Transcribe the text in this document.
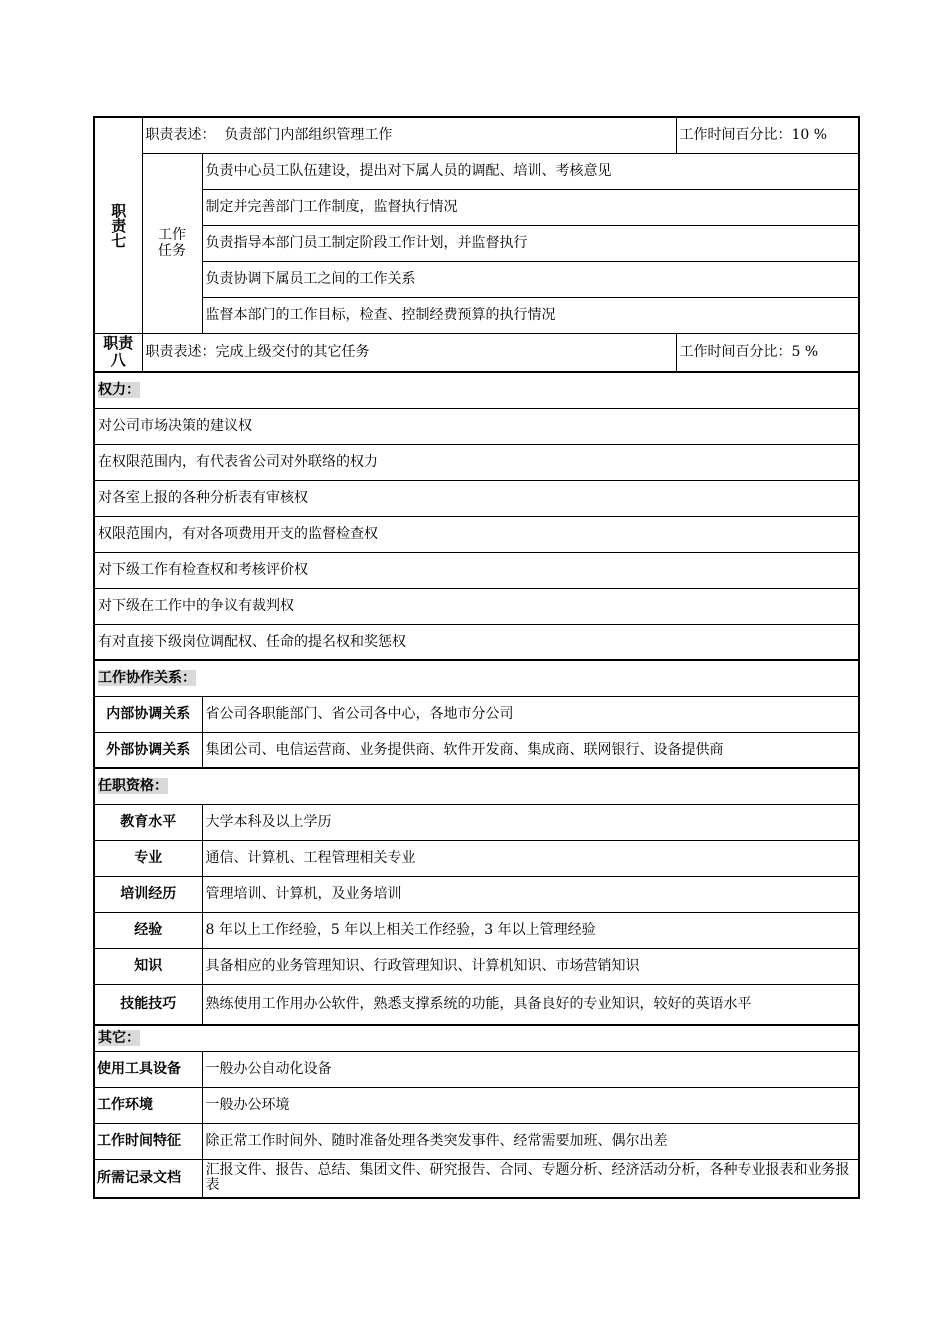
职责七	职责表述： 负责部门内部组织管理工作		工作时间百分比：10 %
	工作任务	负责中心员工队伍建设，提出对下属人员的调配、培训、考核意见	
		制定并完善部门工作制度，监督执行情况	
		负责指导本部门员工制定阶段工作计划，并监督执行	
		负责协调下属员工之间的工作关系	
		监督本部门的工作目标，检查、控制经费预算的执行情况	
职责八	职责表述：完成上级交付的其它任务		工作时间百分比：5 %
权力：			
对公司市场决策的建议权			
在权限范围内，有代表省公司对外联络的权力			
对各室上报的各种分析表有审核权			
权限范围内，有对各项费用开支的监督检查权			
对下级工作有检查权和考核评价权			
对下级在工作中的争议有裁判权			
有对直接下级岗位调配权、任命的提名权和奖惩权			
工作协作关系：			
内部协调关系		省公司各职能部门、省公司各中心，各地市分公司	
外部协调关系		集团公司、电信运营商、业务提供商、软件开发商、集成商、联网银行、设备提供商	
任职资格：			
教育水平		大学本科及以上学历	
专业		通信、计算机、工程管理相关专业	
培训经历		管理培训、计算机，及业务培训	
经验		8 年以上工作经验，5 年以上相关工作经验，3 年以上管理经验	
知识		具备相应的业务管理知识、行政管理知识、计算机知识、市场营销知识	
技能技巧		熟练使用工作用办公软件，熟悉支撑系统的功能，具备良好的专业知识，较好的英语水平	
其它：			
使用工具设备		一般办公自动化设备	
工作环境		一般办公环境	
工作时间特征		除正常工作时间外、随时准备处理各类突发事件、经常需要加班、偶尔出差	
所需记录文档		汇报文件、报告、总结、集团文件、研究报告、合同、专题分析、经济活动分析，各种专业报表和业务报表	
